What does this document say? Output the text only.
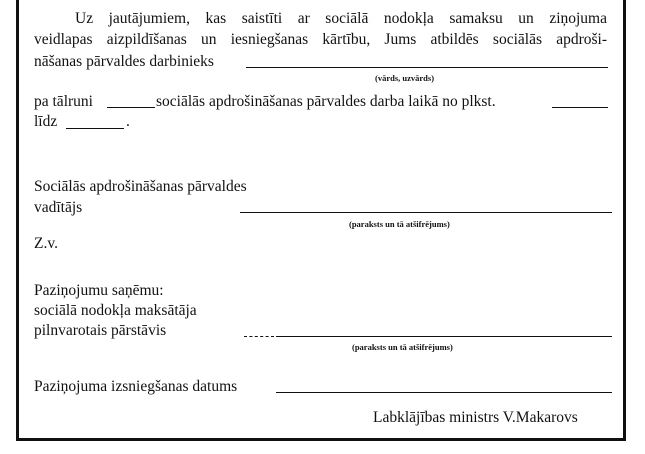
Uz jautājumiem, kas saistīti ar sociālā nodokļa samaksu un ziņojuma
veidlapas aizpildīšanas un iesniegšanas kārtību, Jums atbildēs sociālās apdroši-
nāšanas pārvaldes darbinieks
(vārds, uzvārds)
pa tālruni	sociālās apdrošināšanas pārvaldes darba laikā no plkst.
līdz	.
Sociālās apdrošināšanas pārvaldes
vadītājs
(paraksts un tā atšifrējums)
Z.v.
Paziņojumu saņēmu:
sociālā nodokļa maksātāja
pilnvarotais pārstāvis
(paraksts un tā atšifrējums)
Paziņojuma izsniegšanas datums
Labklājības ministrs V.Makarovs
